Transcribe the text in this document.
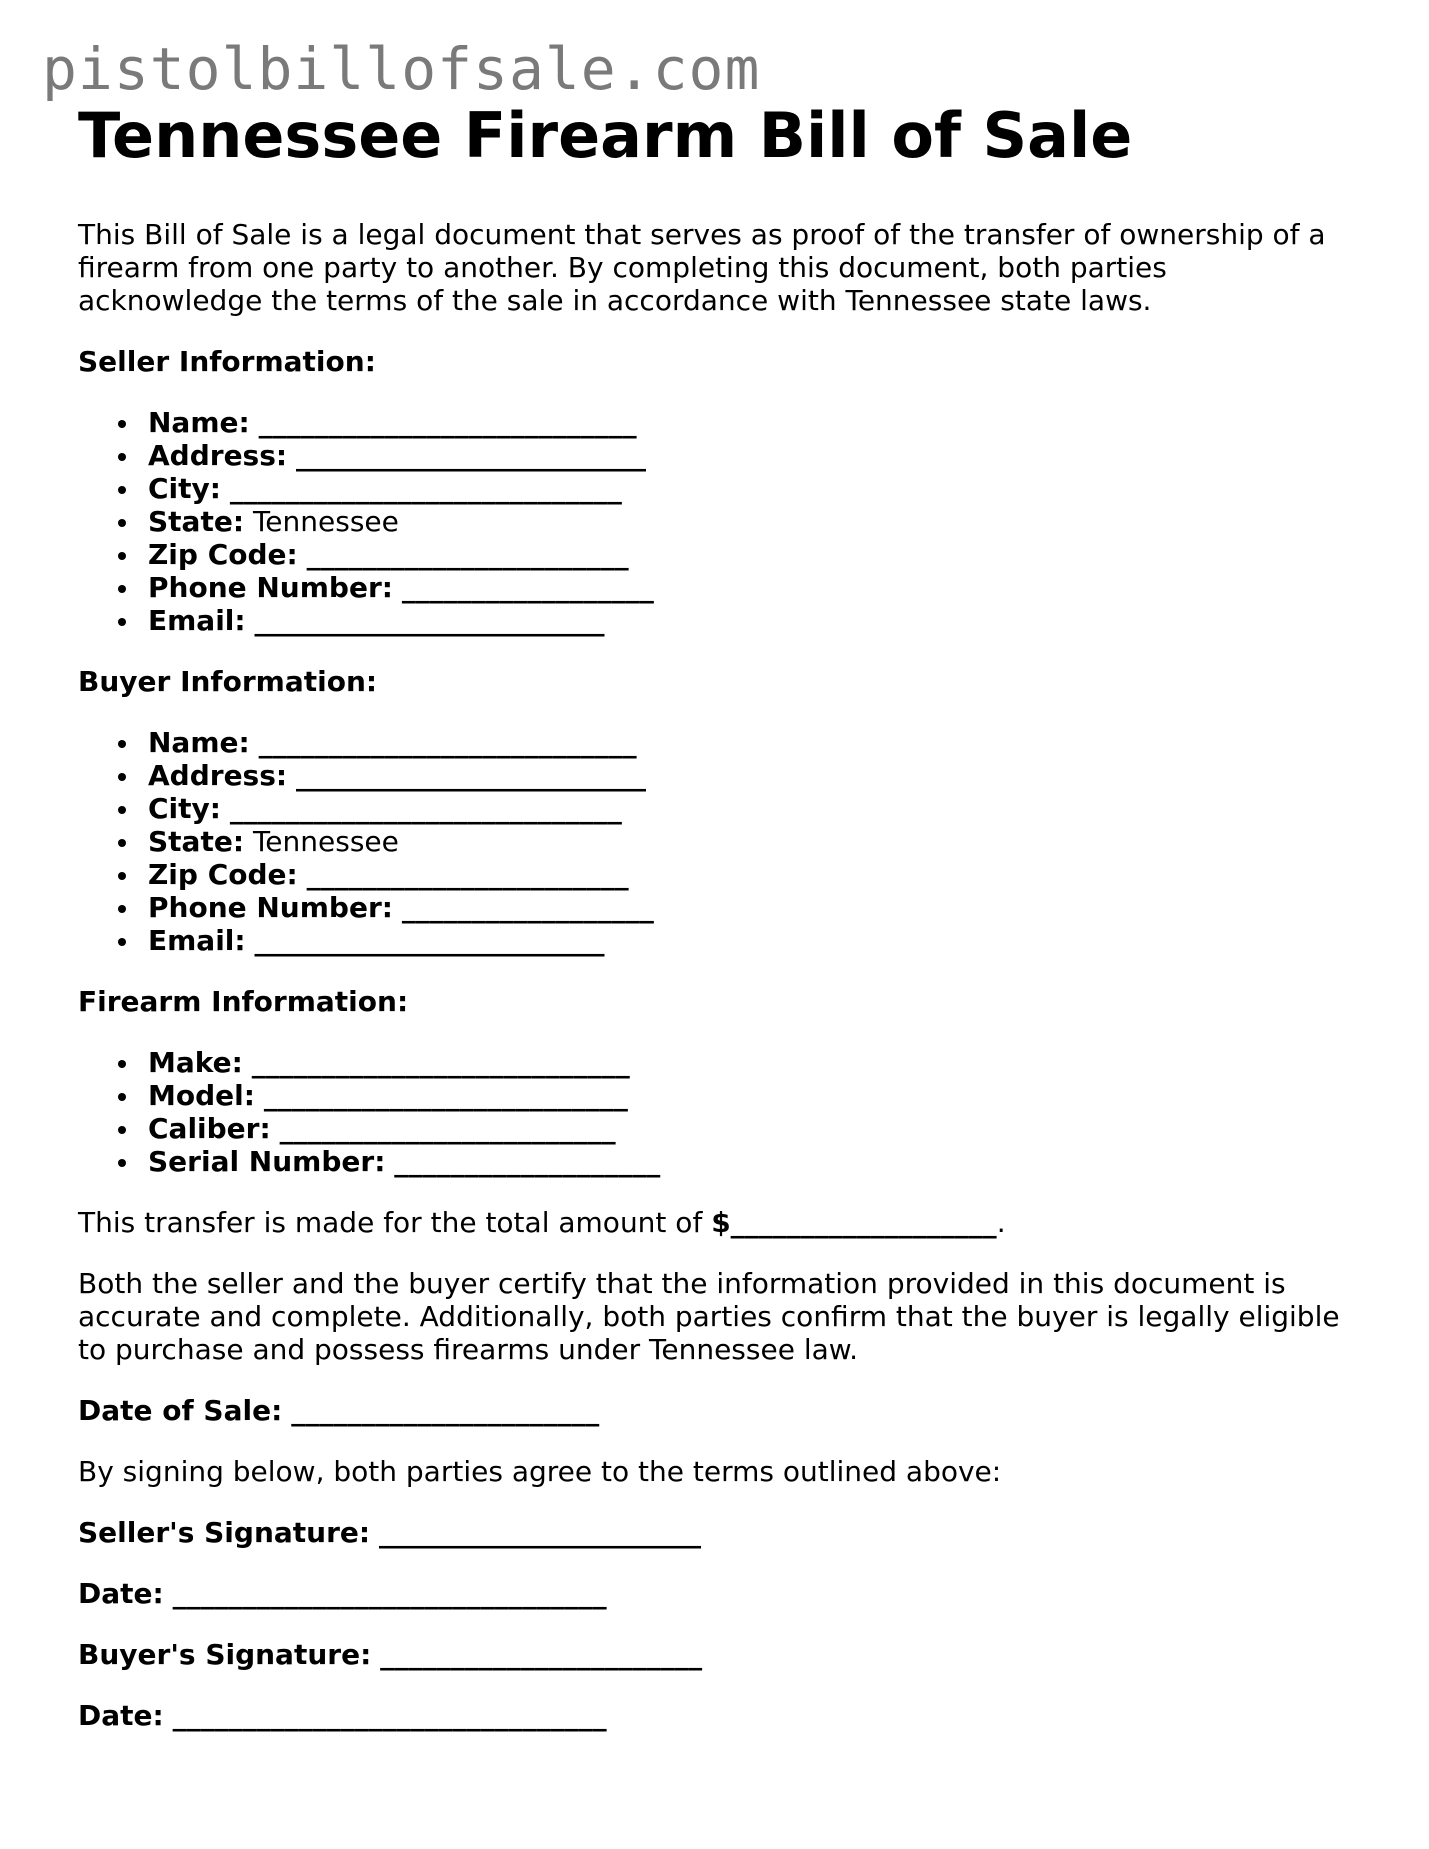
pistolbillofsale.com
Tennessee Firearm Bill of Sale

This Bill of Sale is a legal document that serves as proof of the transfer of ownership of a firearm from one party to another. By completing this document, both parties acknowledge the terms of the sale in accordance with Tennessee state laws.

Seller Information:

Name: ___________________________
Address: _________________________
City: ____________________________
State: Tennessee
Zip Code: _______________________
Phone Number: __________________
Email: _________________________

Buyer Information:

Name: ___________________________
Address: _________________________
City: ____________________________
State: Tennessee
Zip Code: _______________________
Phone Number: __________________
Email: _________________________

Firearm Information:

Make: ___________________________
Model: __________________________
Caliber: ________________________
Serial Number: ___________________

This transfer is made for the total amount of $___________________.

Both the seller and the buyer certify that the information provided in this document is accurate and complete. Additionally, both parties confirm that the buyer is legally eligible to purchase and possess firearms under Tennessee law.

Date of Sale: ______________________

By signing below, both parties agree to the terms outlined above:

Seller's Signature: _______________________

Date: _______________________________

Buyer's Signature: _______________________

Date: _______________________________
